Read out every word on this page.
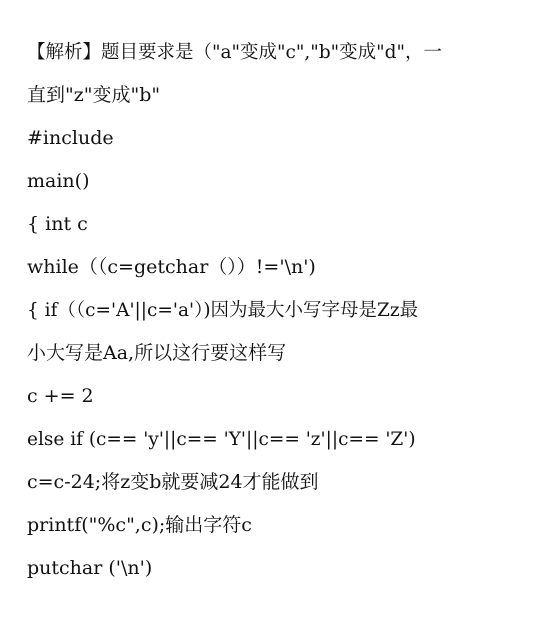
【解析】题目要求是（"a"变成"c","b"变成"d"，一
直到"z"变成"b"
#include
main()
{ int c
while（（c=getchar（））!='\n')
{ if（（c='A'||c='a'）)因为最大小写字母是Zz最
小大写是Aa,所以这行要这样写
c += 2
else if (c== 'y'||c== 'Y'||c== 'z'||c== 'Z')
c=c-24;将z变b就要减24才能做到
printf("%c",c);输出字符c
putchar ('\n')
